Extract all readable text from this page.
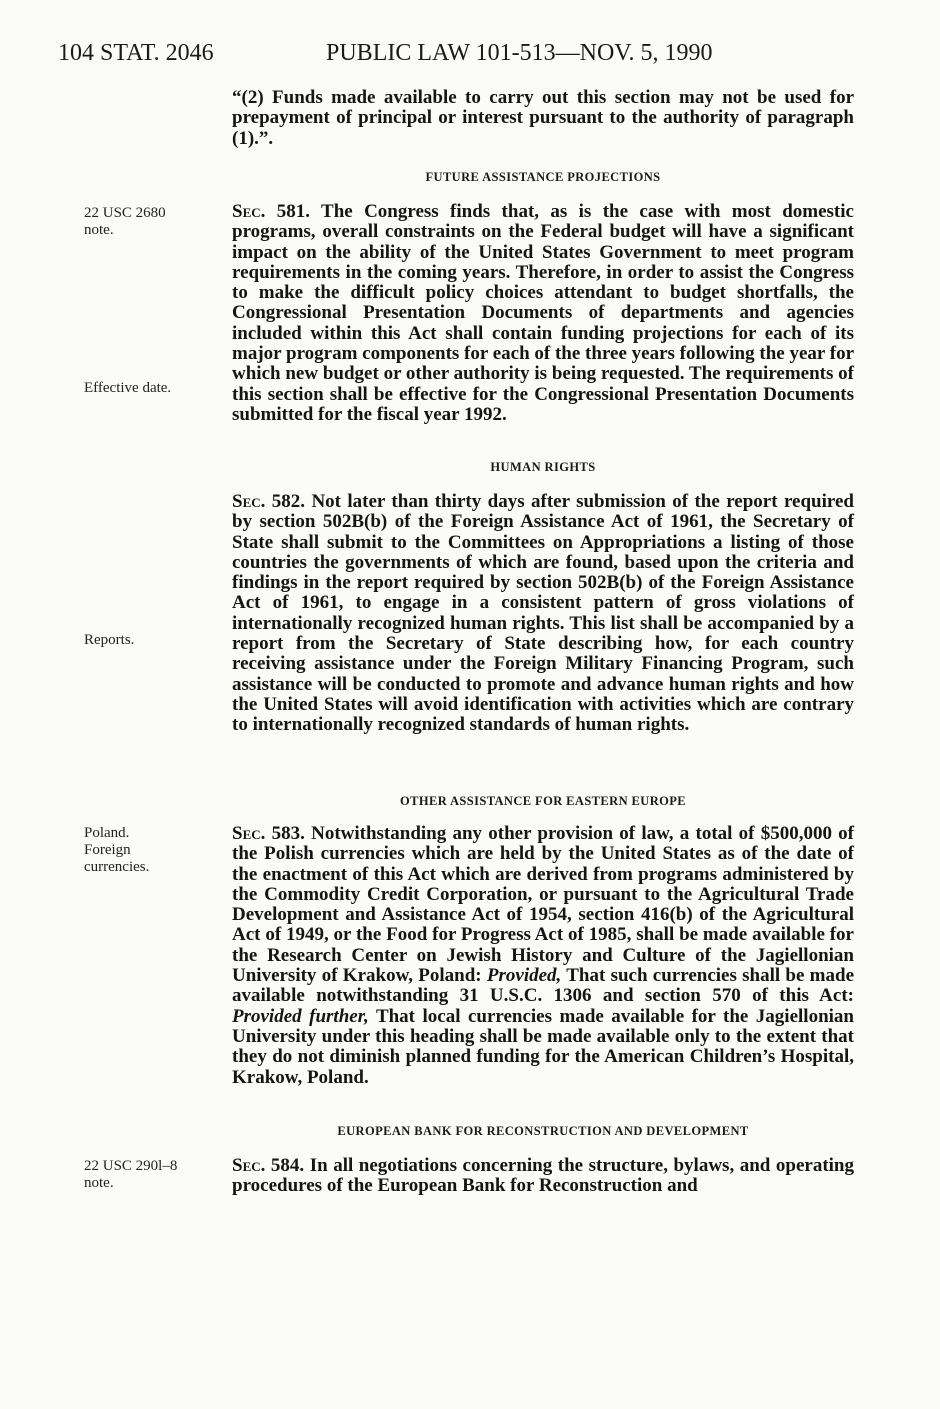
104 STAT. 2046	PUBLIC LAW 101-513—NOV. 5, 1990
“(2) Funds made available to carry out this section may not be used for prepayment of principal or interest pursuant to the authority of paragraph (1).”.
FUTURE ASSISTANCE PROJECTIONS
22 USC 2680
note.
Sec. 581. The Congress finds that, as is the case with most domestic programs, overall constraints on the Federal budget will have a significant impact on the ability of the United States Government to meet program requirements in the coming years. Therefore, in order to assist the Congress to make the difficult policy choices attendant to budget shortfalls, the Congressional Presentation Documents of departments and agencies included within this Act shall contain funding projections for each of its major program components for each of the three years following the year for which new budget or other authority is being requested. The requirements of this section shall be effective for the Congressional Presentation Documents submitted for the fiscal year 1992.
Effective date.
HUMAN RIGHTS
Sec. 582. Not later than thirty days after submission of the report required by section 502B(b) of the Foreign Assistance Act of 1961, the Secretary of State shall submit to the Committees on Appropriations a listing of those countries the governments of which are found, based upon the criteria and findings in the report required by section 502B(b) of the Foreign Assistance Act of 1961, to engage in a consistent pattern of gross violations of internationally recognized human rights. This list shall be accompanied by a report from the Secretary of State describing how, for each country receiving assistance under the Foreign Military Financing Program, such assistance will be conducted to promote and advance human rights and how the United States will avoid identification with activities which are contrary to internationally recognized standards of human rights.
Reports.
OTHER ASSISTANCE FOR EASTERN EUROPE
Poland.
Foreign
currencies.
Sec. 583. Notwithstanding any other provision of law, a total of $500,000 of the Polish currencies which are held by the United States as of the date of the enactment of this Act which are derived from programs administered by the Commodity Credit Corporation, or pursuant to the Agricultural Trade Development and Assistance Act of 1954, section 416(b) of the Agricultural Act of 1949, or the Food for Progress Act of 1985, shall be made available for the Research Center on Jewish History and Culture of the Jagiellonian University of Krakow, Poland: Provided, That such currencies shall be made available notwithstanding 31 U.S.C. 1306 and section 570 of this Act: Provided further, That local currencies made available for the Jagiellonian University under this heading shall be made available only to the extent that they do not diminish planned funding for the American Children’s Hospital, Krakow, Poland.
EUROPEAN BANK FOR RECONSTRUCTION AND DEVELOPMENT
22 USC 290l–8
note.
Sec. 584. In all negotiations concerning the structure, bylaws, and operating procedures of the European Bank for Reconstruction and
